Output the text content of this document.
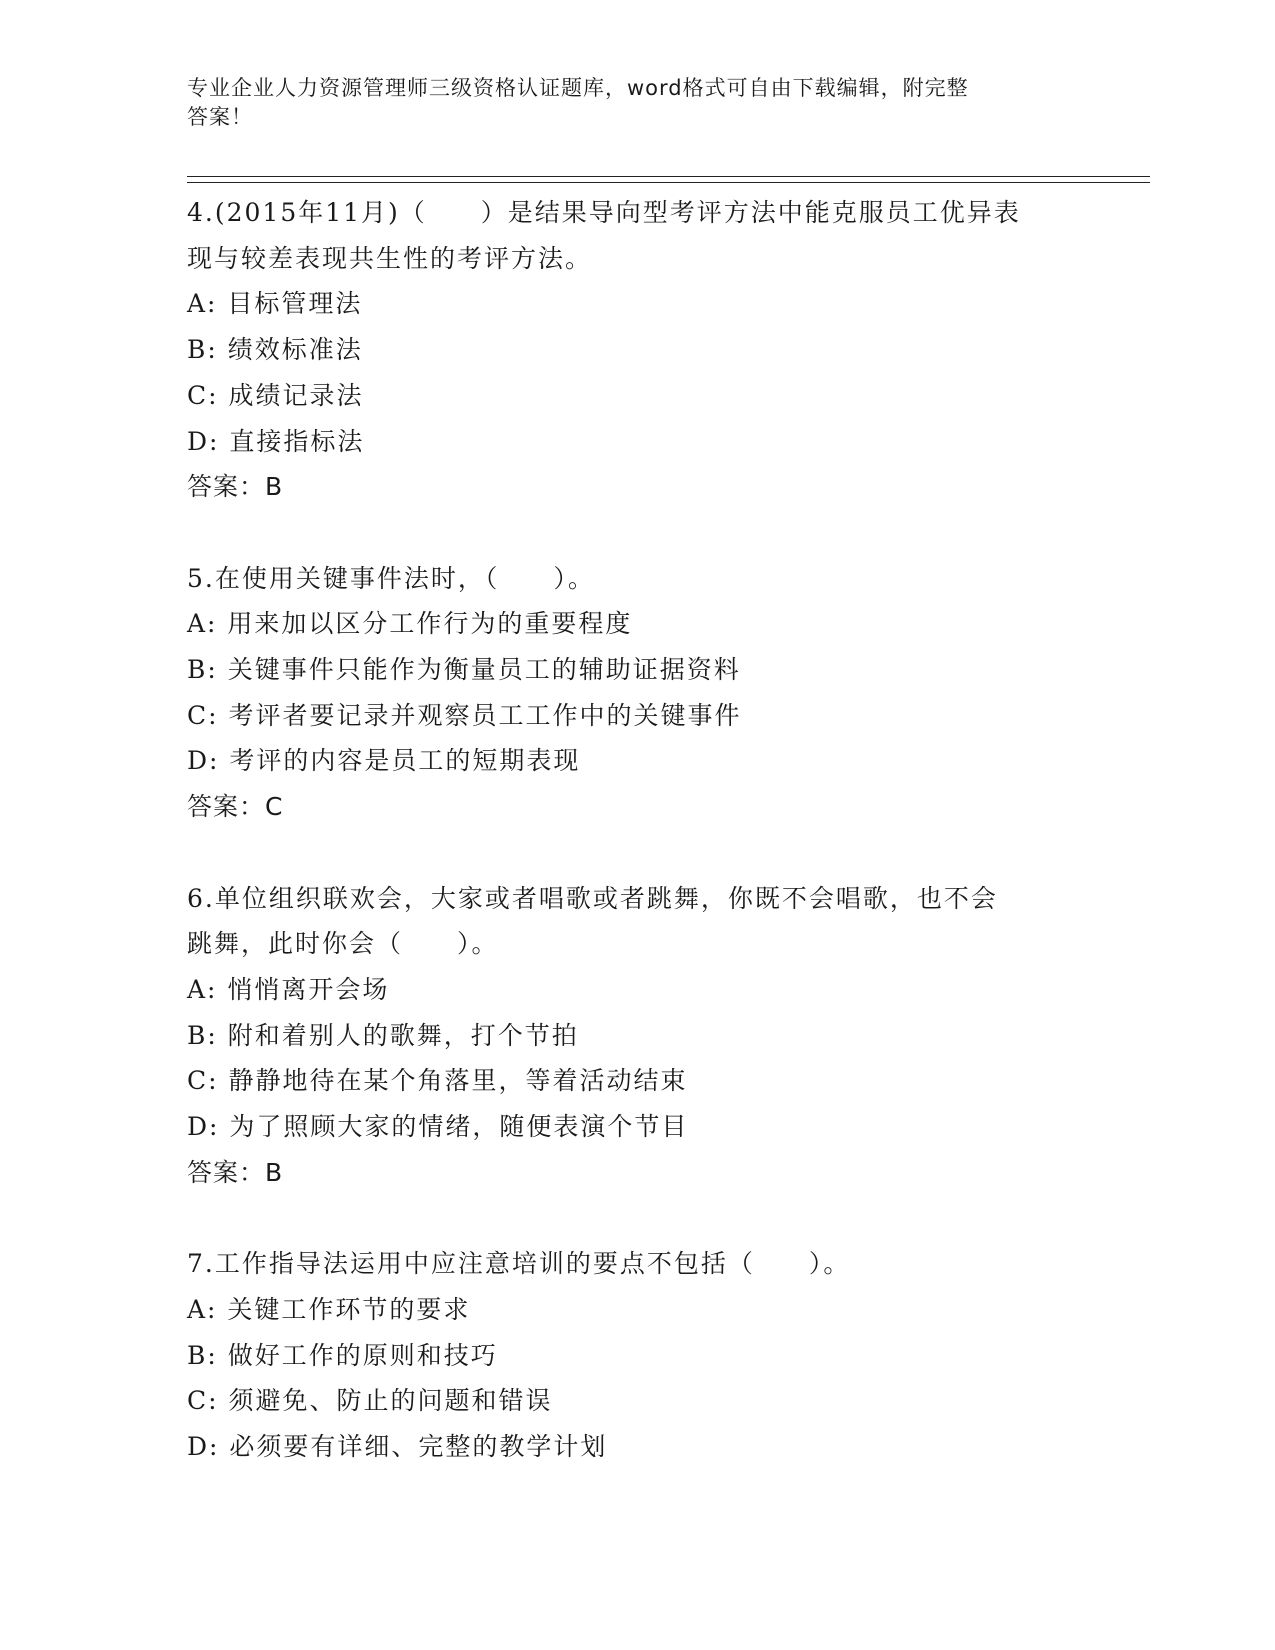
专业企业人力资源管理师三级资格认证题库，word格式可自由下载编辑，附完整
答案！
4.(2015年11月)（　　）是结果导向型考评方法中能克服员工优异表
现与较差表现共生性的考评方法。
A: 目标管理法
B: 绩效标准法
C: 成绩记录法
D: 直接指标法
答案：B
5.在使用关键事件法时，（　　）。
A: 用来加以区分工作行为的重要程度
B: 关键事件只能作为衡量员工的辅助证据资料
C: 考评者要记录并观察员工工作中的关键事件
D: 考评的内容是员工的短期表现
答案：C
6.单位组织联欢会，大家或者唱歌或者跳舞，你既不会唱歌，也不会
跳舞，此时你会（　　）。
A: 悄悄离开会场
B: 附和着别人的歌舞，打个节拍
C: 静静地待在某个角落里，等着活动结束
D: 为了照顾大家的情绪，随便表演个节目
答案：B
7.工作指导法运用中应注意培训的要点不包括（　　）。
A: 关键工作环节的要求
B: 做好工作的原则和技巧
C: 须避免、防止的问题和错误
D: 必须要有详细、完整的教学计划
